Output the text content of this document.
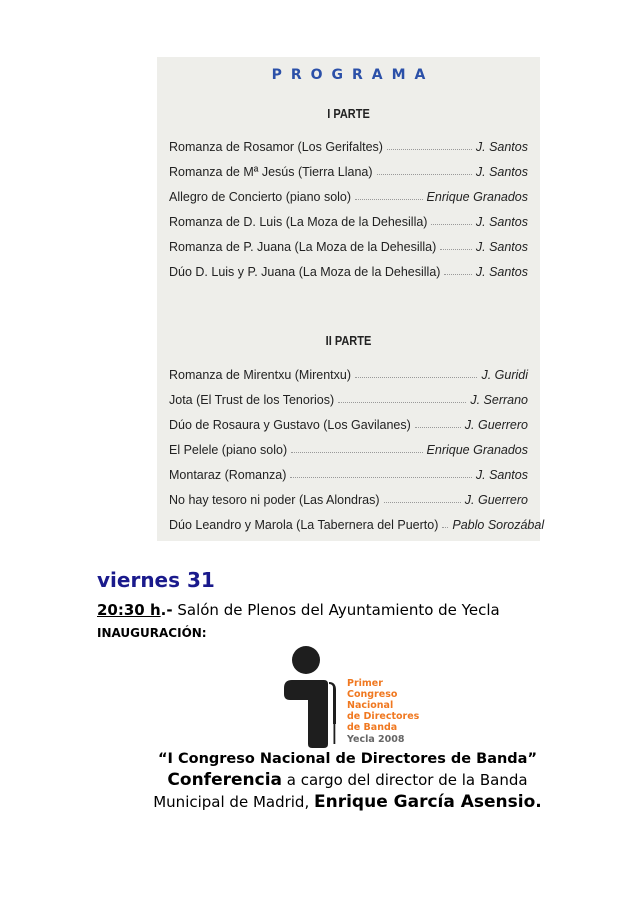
PROGRAMA
I PARTE
Romanza de Rosamor (Los Gerifaltes)	J. Santos
Romanza de Mª Jesús (Tierra Llana)	J. Santos
Allegro de Concierto (piano solo)	Enrique Granados
Romanza de D. Luis (La Moza de la Dehesilla)	J. Santos
Romanza de P. Juana (La Moza de la Dehesilla)	J. Santos
Dúo D. Luis y P. Juana (La Moza de la Dehesilla)	J. Santos
II PARTE
Romanza de Mirentxu (Mirentxu)	J. Guridi
Jota (El Trust de los Tenorios)	J. Serrano
Dúo de Rosaura y Gustavo (Los Gavilanes)	J. Guerrero
El Pelele (piano solo)	Enrique Granados
Montaraz (Romanza)	J. Santos
No hay tesoro ni poder (Las Alondras)	J. Guerrero
Dúo Leandro y Marola (La Tabernera del Puerto) Pablo Sorozábal
viernes 31
20:30 h.- Salón de Plenos del Ayuntamiento de Yecla
INAUGURACIÓN:
Primer
Congreso
Nacional
de Directores
de Banda
Yecla 2008
“I Congreso Nacional de Directores de Banda”
Conferencia a cargo del director de la Banda
Municipal de Madrid, Enrique García Asensio.
